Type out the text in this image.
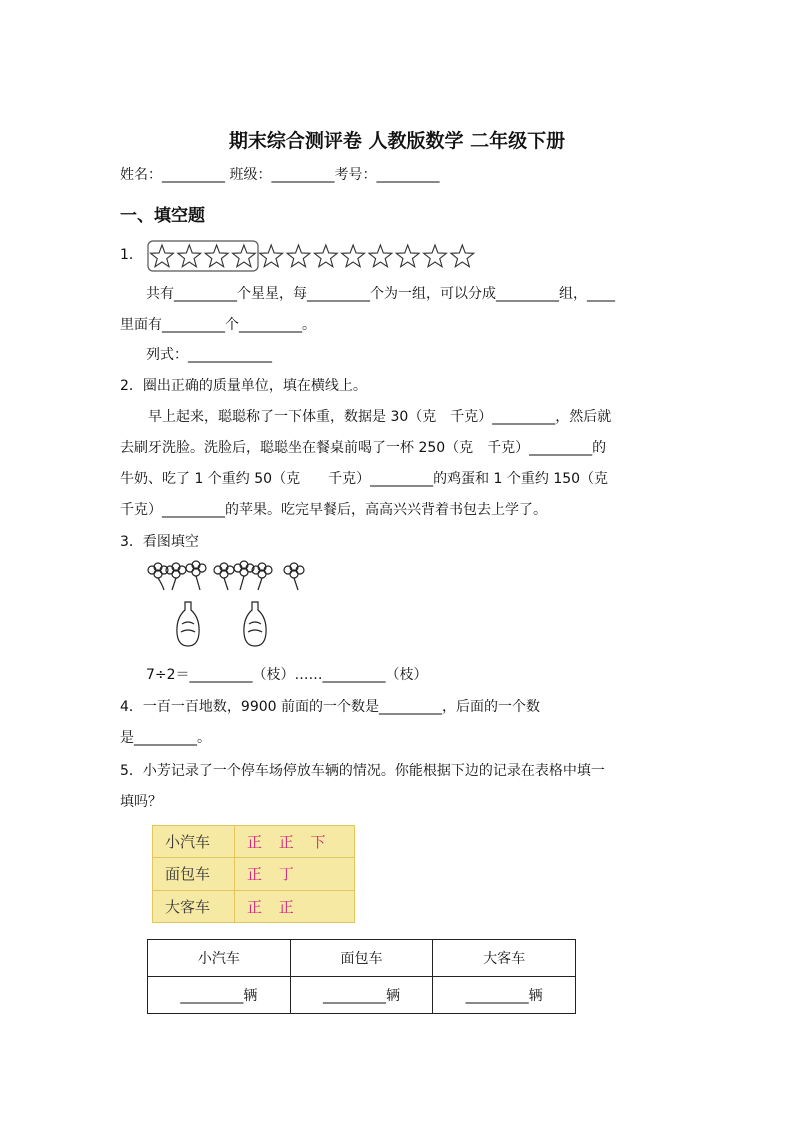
期末综合测评卷 人教版数学 二年级下册
姓名：_________ 班级：_________考号：_________
一、填空题
1．
共有_________个星星，每_________个为一组，可以分成_________组，____
里面有_________个_________。
列式：____________
2．圈出正确的质量单位，填在横线上。
早上起来，聪聪称了一下体重，数据是 30（克　千克）_________，然后就
去刷牙洗脸。洗脸后，聪聪坐在餐桌前喝了一杯 250（克　千克）_________的
牛奶、吃了 1 个重约 50（克　　千克）_________的鸡蛋和 1 个重约 150（克
千克）_________的苹果。吃完早餐后，高高兴兴背着书包去上学了。
3．看图填空
7÷2＝_________（枝）……_________（枝）
4．一百一百地数，9900 前面的一个数是_________，后面的一个数
是_________。
5．小芳记录了一个停车场停放车辆的情况。你能根据下边的记录在表格中填一
填吗？
小汽车	正 正 下
面包车	正 丁
大客车	正 正
小汽车	面包车	大客车
_________辆	_________辆	_________辆
